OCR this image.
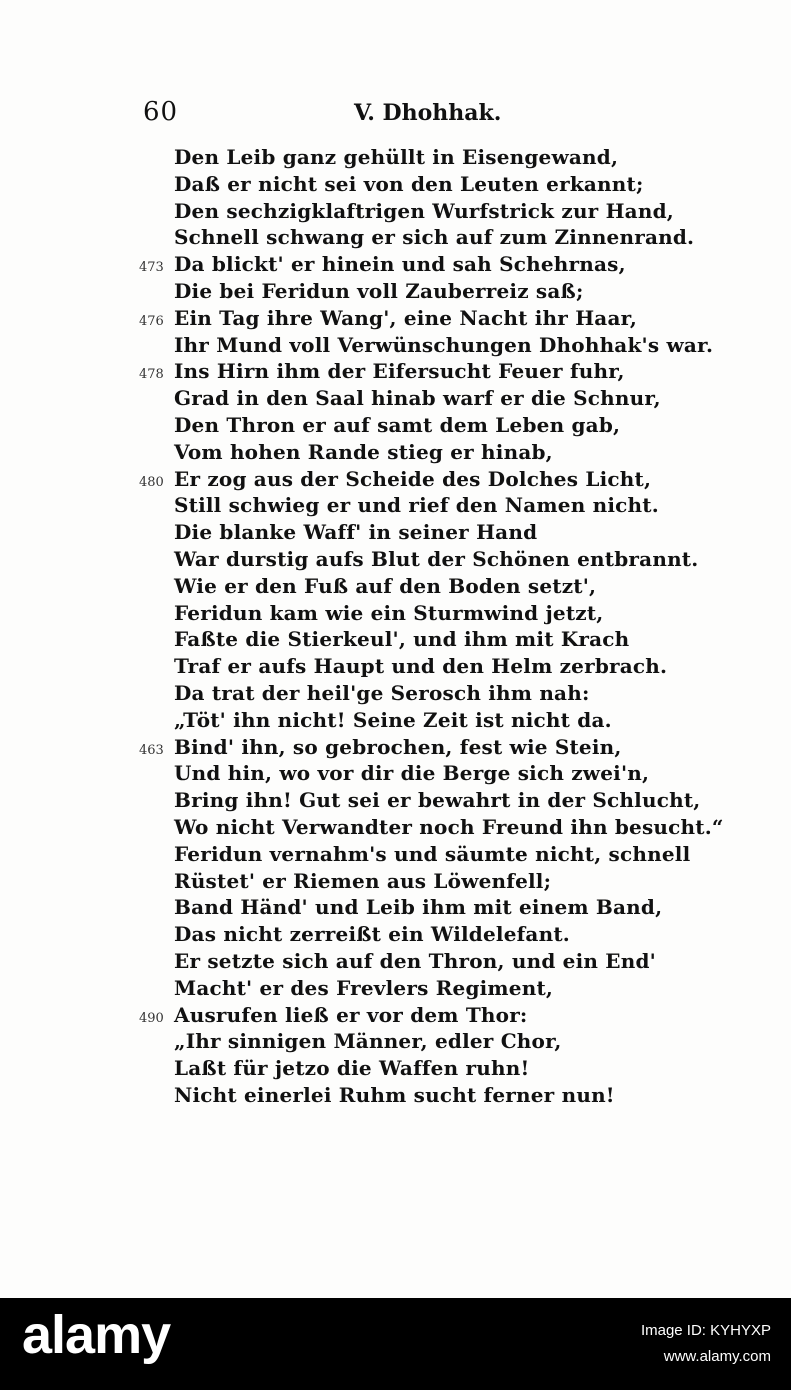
60	V. Dhohhak.
Den Leib ganz gehüllt in Eisengewand,
Daß er nicht sei von den Leuten erkannt;
Den sechzigklaftrigen Wurfstrick zur Hand,
Schnell schwang er sich auf zum Zinnenrand.
473 Da blickt' er hinein und sah Schehrnas,
Die bei Feridun voll Zauberreiz saß;
476 Ein Tag ihre Wang', eine Nacht ihr Haar,
Ihr Mund voll Verwünschungen Dhohhak's war.
478 Ins Hirn ihm der Eifersucht Feuer fuhr,
Grad in den Saal hinab warf er die Schnur,
Den Thron er auf samt dem Leben gab,
Vom hohen Rande stieg er hinab,
480 Er zog aus der Scheide des Dolches Licht,
Still schwieg er und rief den Namen nicht.
Die blanke Waff' in seiner Hand
War durstig aufs Blut der Schönen entbrannt.
Wie er den Fuß auf den Boden setzt',
Feridun kam wie ein Sturmwind jetzt,
Faßte die Stierkeul', und ihm mit Krach
Traf er aufs Haupt und den Helm zerbrach.
Da trat der heil'ge Serosch ihm nah:
„Töt' ihn nicht! Seine Zeit ist nicht da.
463 Bind' ihn, so gebrochen, fest wie Stein,
Und hin, wo vor dir die Berge sich zwei'n,
Bring ihn! Gut sei er bewahrt in der Schlucht,
Wo nicht Verwandter noch Freund ihn besucht.“
Feridun vernahm's und säumte nicht, schnell
Rüstet' er Riemen aus Löwenfell;
Band Händ' und Leib ihm mit einem Band,
Das nicht zerreißt ein Wildelefant.
Er setzte sich auf den Thron, und ein End'
Macht' er des Frevlers Regiment,
490 Ausrufen ließ er vor dem Thor:
„Ihr sinnigen Männer, edler Chor,
Laßt für jetzo die Waffen ruhn!
Nicht einerlei Ruhm sucht ferner nun!
alamy	Image ID: KYHYXP
www.alamy.com
